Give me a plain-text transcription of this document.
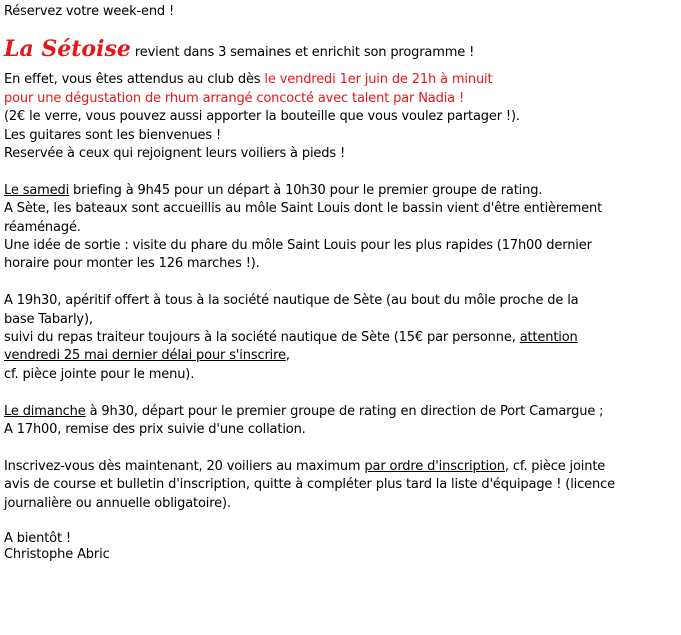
Réservez votre week-end !
La Sétoise revient dans 3 semaines et enrichit son programme !
En effet, vous êtes attendus au club dès le vendredi 1er juin de 21h à minuit
pour une dégustation de rhum arrangé concocté avec talent par Nadia !
(2€ le verre, vous pouvez aussi apporter la bouteille que vous voulez partager !).
Les guitares sont les bienvenues !
Reservée à ceux qui rejoignent leurs voiliers à pieds !
Le samedi briefing à 9h45 pour un départ à 10h30 pour le premier groupe de rating.
A Sète, les bateaux sont accueillis au môle Saint Louis dont le bassin vient d'être entièrement
réaménagé.
Une idée de sortie : visite du phare du môle Saint Louis pour les plus rapides (17h00 dernier
horaire pour monter les 126 marches !).
A 19h30, apéritif offert à tous à la société nautique de Sète (au bout du môle proche de la
base Tabarly),
suivi du repas traiteur toujours à la société nautique de Sète (15€ par personne, attention
vendredi 25 mai dernier délai pour s'inscrire,
cf. pièce jointe pour le menu).
Le dimanche à 9h30, départ pour le premier groupe de rating en direction de Port Camargue ;
A 17h00, remise des prix suivie d'une collation.
Inscrivez-vous dès maintenant, 20 voiliers au maximum par ordre d'inscription, cf. pièce jointe
avis de course et bulletin d'inscription, quitte à compléter plus tard la liste d'équipage ! (licence
journalière ou annuelle obligatoire).
A bientôt !
Christophe Abric
